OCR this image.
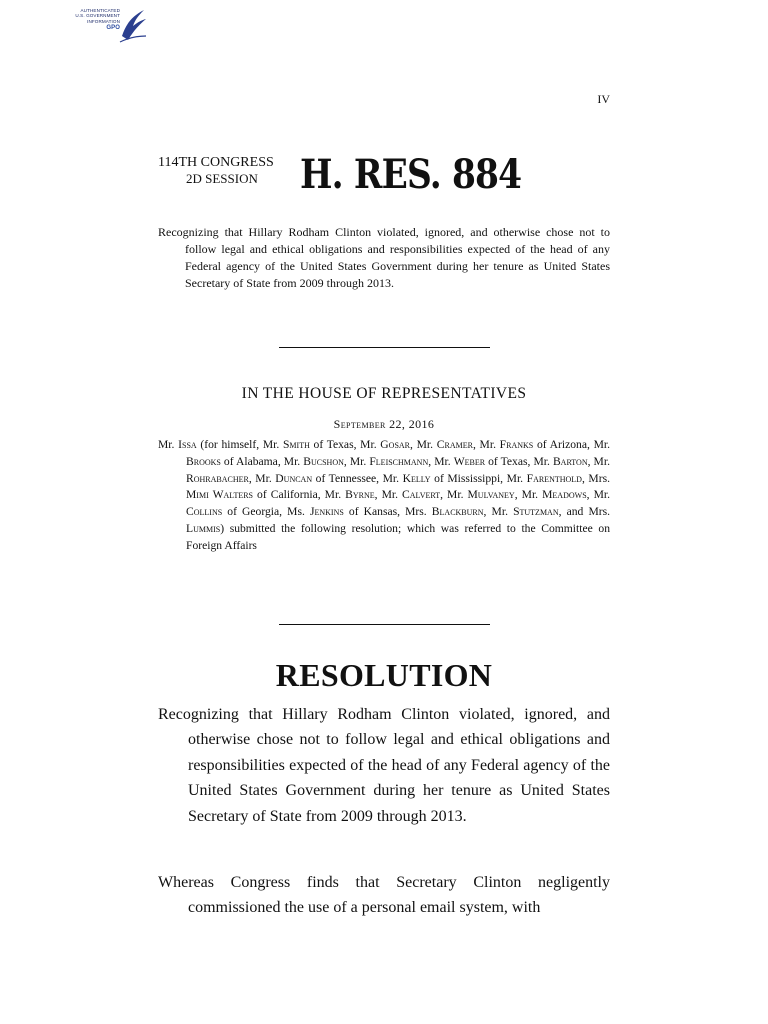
AUTHENTICATED
U.S. GOVERNMENT
INFORMATION
GPO
IV
114TH CONGRESS
2D SESSION	H. RES. 884
Recognizing that Hillary Rodham Clinton violated, ignored, and otherwise chose not to follow legal and ethical obligations and responsibilities expected of the head of any Federal agency of the United States Government during her tenure as United States Secretary of State from 2009 through 2013.
IN THE HOUSE OF REPRESENTATIVES
September 22, 2016
Mr. Issa (for himself, Mr. Smith of Texas, Mr. Gosar, Mr. Cramer, Mr. Franks of Arizona, Mr. Brooks of Alabama, Mr. Bucshon, Mr. Fleischmann, Mr. Weber of Texas, Mr. Barton, Mr. Rohrabacher, Mr. Duncan of Tennessee, Mr. Kelly of Mississippi, Mr. Farenthold, Mrs. Mimi Walters of California, Mr. Byrne, Mr. Calvert, Mr. Mulvaney, Mr. Meadows, Mr. Collins of Georgia, Ms. Jenkins of Kansas, Mrs. Blackburn, Mr. Stutzman, and Mrs. Lummis) submitted the following resolution; which was referred to the Committee on Foreign Affairs
RESOLUTION
Recognizing that Hillary Rodham Clinton violated, ignored, and otherwise chose not to follow legal and ethical obligations and responsibilities expected of the head of any Federal agency of the United States Government during her tenure as United States Secretary of State from 2009 through 2013.
Whereas Congress finds that Secretary Clinton negligently commissioned the use of a personal email system, with
